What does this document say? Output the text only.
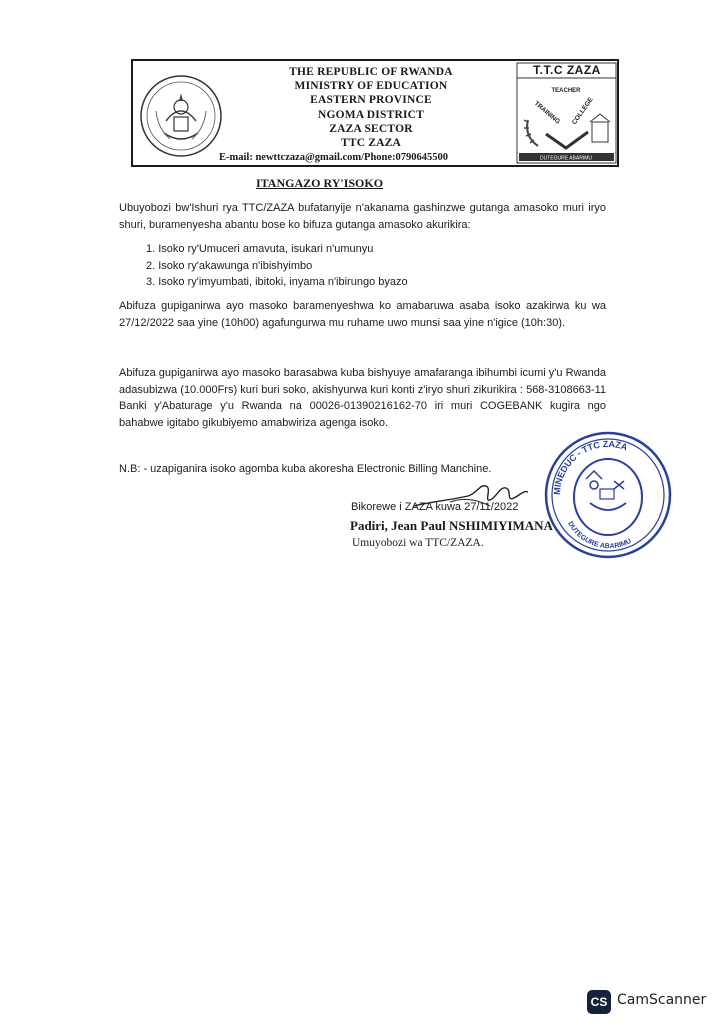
THE REPUBLIC OF RWANDA
MINISTRY OF EDUCATION
EASTERN PROVINCE
NGOMA DISTRICT
ZAZA SECTOR
TTC ZAZA
E-mail: newttczaza@gmail.com/Phone:0790645500
TEACHER
TRAINING COLLEGE
DUTEGURE ABARIMU
T.T.C ZAZA
ITANGAZO RY'ISOKO
Ubuyobozi bw'Ishuri rya TTC/ZAZA bufatanyije n'akanama gashinzwe gutanga amasoko muri iryo shuri, buramenyesha abantu bose ko bifuza gutanga amasoko akurikira:
1. Isoko ry'Umuceri amavuta, isukari n'umunyu
2. Isoko ry'akawunga n'ibishyimbo
3. Isoko ry'imyumbati, ibitoki, inyama n'ibirungo byazo
Abifuza gupiganirwa ayo masoko baramenyeshwa ko amabaruwa asaba isoko azakirwa ku wa 27/12/2022 saa yine (10h00) agafungurwa mu ruhame uwo munsi saa yine n'igice (10h:30).
Abifuza gupiganirwa ayo masoko barasabwa kuba bishyuye amafaranga ibihumbi icumi y'u Rwanda adasubizwa (10.000Frs) kuri buri soko, akishyurwa kuri konti z'iryo shuri zikurikira : 568-3108663-11 Banki y'Abaturage y'u Rwanda na 00026-01390216162-70 iri muri COGEBANK kugira ngo bahabwe igitabo gikubiyemo amabwiriza agenga isoko.
N.B: - uzapiganira isoko agomba kuba akoresha Electronic Billing Manchine.
MINEDUC - TTC ZAZA
DUTEGURE ABARIMU
Bikorewe i ZAZA kuwa 27/11/2022
Padiri, Jean Paul NSHIMIYIMANA
Umuyobozi wa TTC/ZAZA.
CS CamScanner
